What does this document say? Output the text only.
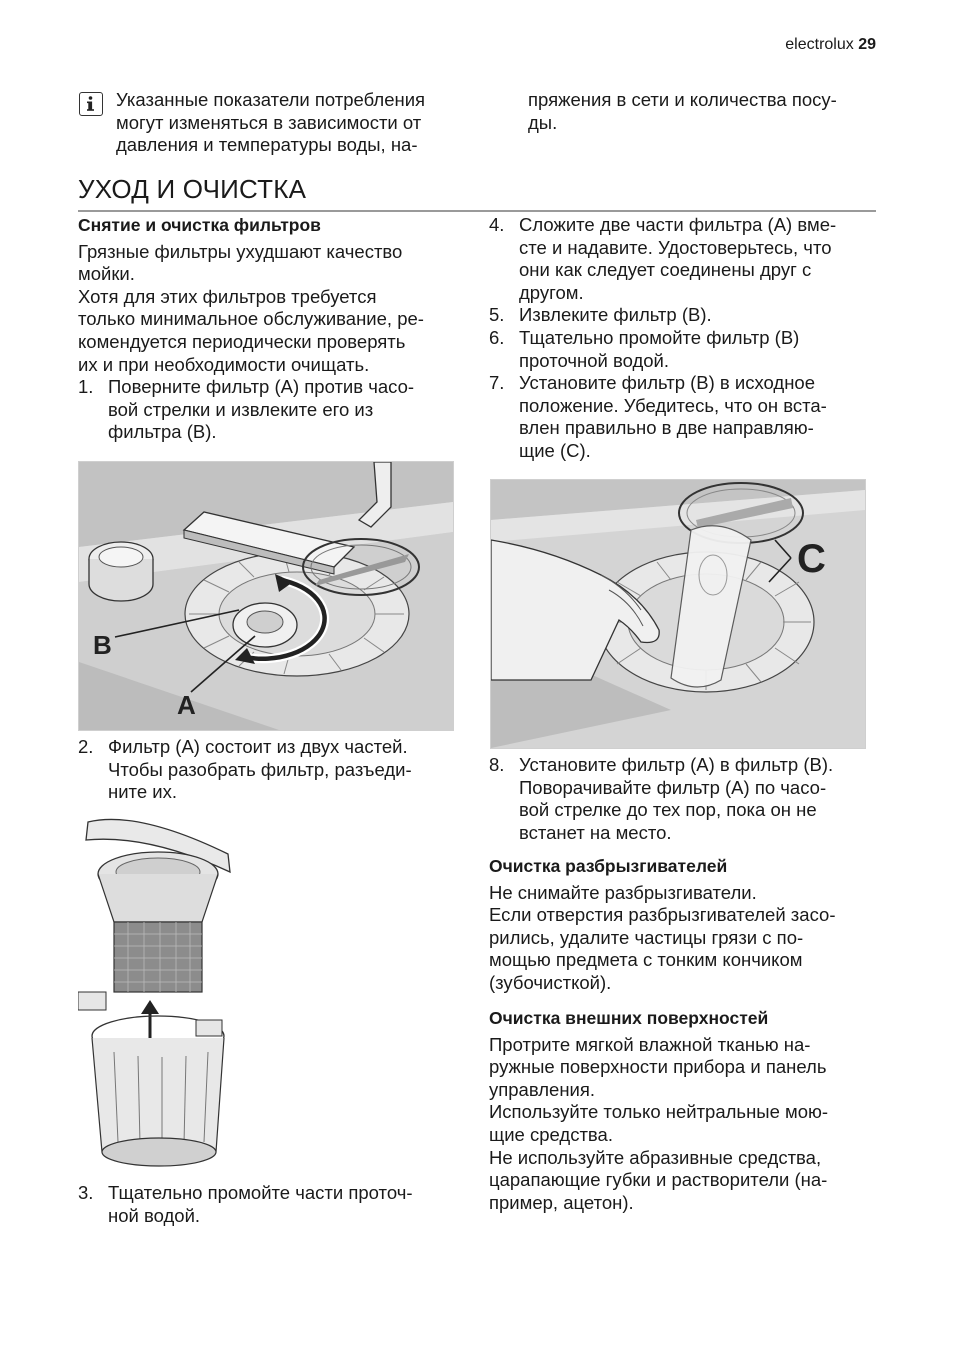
electrolux 29
Указанные показатели потребления
могут изменяться в зависимости от
давления и температуры воды, на-
пряжения в сети и количества посу-
ды.
УХОД И ОЧИСТКА
Снятие и очистка фильтров
Грязные фильтры ухудшают качество
мойки.
Хотя для этих фильтров требуется
только минимальное обслуживание, ре-
комендуется периодически проверять
их и при необходимости очищать.
1. Поверните фильтр (A) против часо-
вой стрелки и извлеките его из
фильтра (B).
B
A
2. Фильтр (A) состоит из двух частей.
Чтобы разобрать фильтр, разъеди-
ните их.
3. Тщательно промойте части проточ-
ной водой.
4. Сложите две части фильтра (A) вме-
сте и надавите. Удостоверьтесь, что
они как следует соединены друг с
другом.
5. Извлеките фильтр (B).
6. Тщательно промойте фильтр (B)
проточной водой.
7. Установите фильтр (B) в исходное
положение. Убедитесь, что он вста-
влен правильно в две направляю-
щие (C).
C
8. Установите фильтр (A) в фильтр (B).
Поворачивайте фильтр (A) по часо-
вой стрелке до тех пор, пока он не
встанет на место.
Очистка разбрызгивателей
Не снимайте разбрызгиватели.
Если отверстия разбрызгивателей засо-
рились, удалите частицы грязи с по-
мощью предмета с тонким кончиком
(зубочисткой).
Очистка внешних поверхностей
Протрите мягкой влажной тканью на-
ружные поверхности прибора и панель
управления.
Используйте только нейтральные мою-
щие средства.
Не используйте абразивные средства,
царапающие губки и растворители (на-
пример, ацетон).
